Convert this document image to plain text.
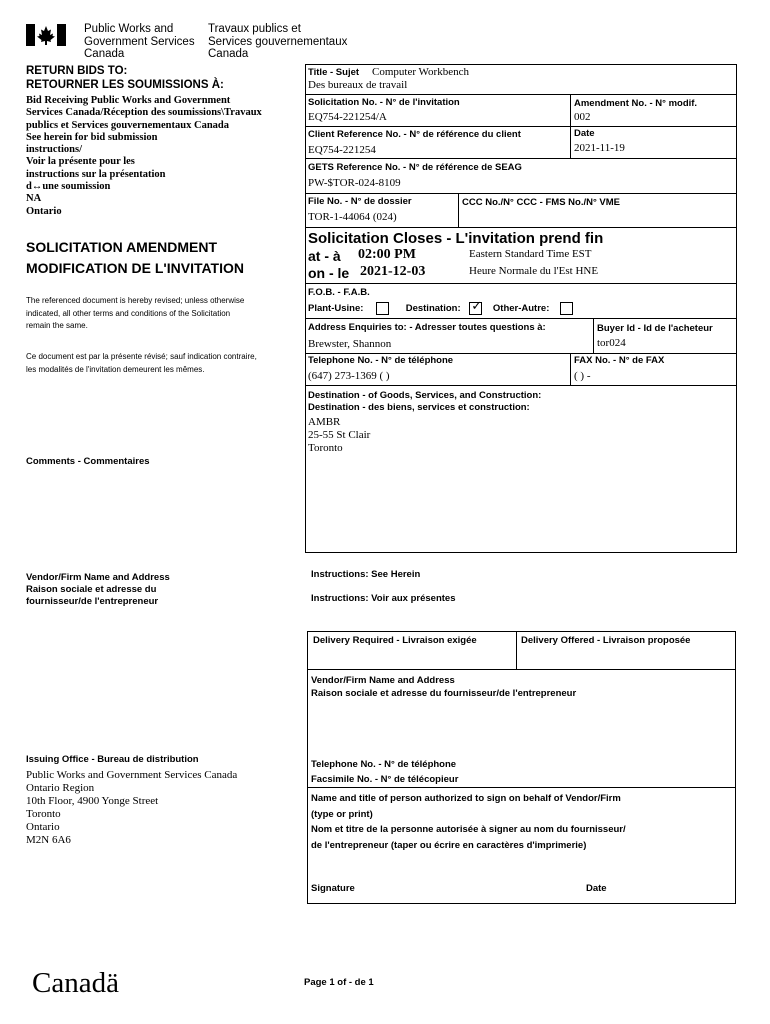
Public Works and
Government Services
Canada
Travaux publics et
Services gouvernementaux
Canada
RETURN BIDS TO:
RETOURNER LES SOUMISSIONS À:
Bid Receiving Public Works and Government
Services Canada/Réception des soumissions\Travaux
publics et Services gouvernementaux Canada
See herein for bid submission
instructions/
Voir la présente pour les
instructions sur la présentation
d↔une soumission
NA
Ontario
SOLICITATION AMENDMENT
MODIFICATION DE L'INVITATION
The referenced document is hereby revised; unless otherwise
indicated, all other terms and conditions of the Solicitation
remain the same.
Ce document est par la présente révisé; sauf indication contraire,
les modalités de l'invitation demeurent les mêmes.
Comments - Commentaires
Vendor/Firm Name and Address
Raison sociale et adresse du
fournisseur/de l'entrepreneur
Issuing Office - Bureau de distribution
Public Works and Government Services Canada
Ontario Region
10th Floor, 4900 Yonge Street
Toronto
Ontario
M2N 6A6
Title - Sujet Computer Workbench
Des bureaux de travail
Solicitation No. - N° de l'invitation
EQ754-221254/A
Amendment No. - N° modif.
002
Client Reference No. - N° de référence du client
EQ754-221254
Date
2021-11-19
GETS Reference No. - N° de référence de SEAG
PW-$TOR-024-8109
File No. - N° de dossier
TOR-1-44064 (024)
CCC No./N° CCC - FMS No./N° VME
Solicitation Closes - L'invitation prend fin
at - à 02:00 PM
on - le 2021-12-03
Eastern Standard Time EST
Heure Normale du l'Est HNE
F.O.B. - F.A.B.
Plant-Usine:	Destination: ✓ Other-Autre:
Address Enquiries to: - Adresser toutes questions à:
Brewster, Shannon
Buyer Id - Id de l'acheteur
tor024
Telephone No. - N° de téléphone
(647) 273-1369 ( )
FAX No. - N° de FAX
( ) -
Destination - of Goods, Services, and Construction:
Destination - des biens, services et construction:
AMBR
25-55 St Clair
Toronto
Instructions: See Herein
Instructions: Voir aux présentes
Delivery Required - Livraison exigée	Delivery Offered - Livraison proposée
Vendor/Firm Name and Address
Raison sociale et adresse du fournisseur/de l'entrepreneur
Telephone No. - N° de téléphone
Facsimile No. - N° de télécopieur
Name and title of person authorized to sign on behalf of Vendor/Firm
(type or print)
Nom et titre de la personne autorisée à signer au nom du fournisseur/
de l'entrepreneur (taper ou écrire en caractères d'imprimerie)
Signature	Date
Canadä	Page 1 of - de 1
